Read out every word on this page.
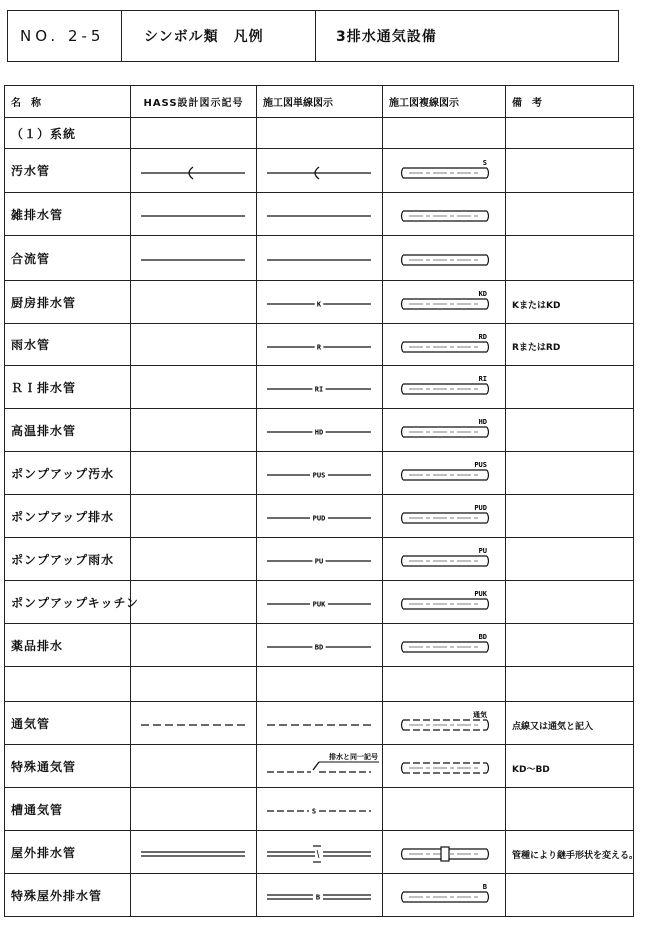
NO. 2-5	シンボル類　凡例	3排水通気設備
名　称	HASS設計図示記号	施工図単線図示	施工図複線図示	備　考
（１）系統				
汚水管			S	

雑排水管	

合流管	

厨房排水管		K	KD	KまたはKD
雨水管		R	RD	RまたはRD
ＲＩ排水管		RI	RI	

高温排水管		HD	HD	

ポンプアップ汚水		PUS	PUS	

ポンプアップ排水		PUD	PUD	

ポンプアップ雨水		PU	PU	

ポンプアップキッチン		PUK	PUK	

薬品排水		BD	BD	

通気管			通気	点線又は通気と記入
特殊通気管		排水と同一記号		KD～BD
槽通気管		S		

屋外排水管				管種により継手形状を変える。
特殊屋外排水管		B	B	
